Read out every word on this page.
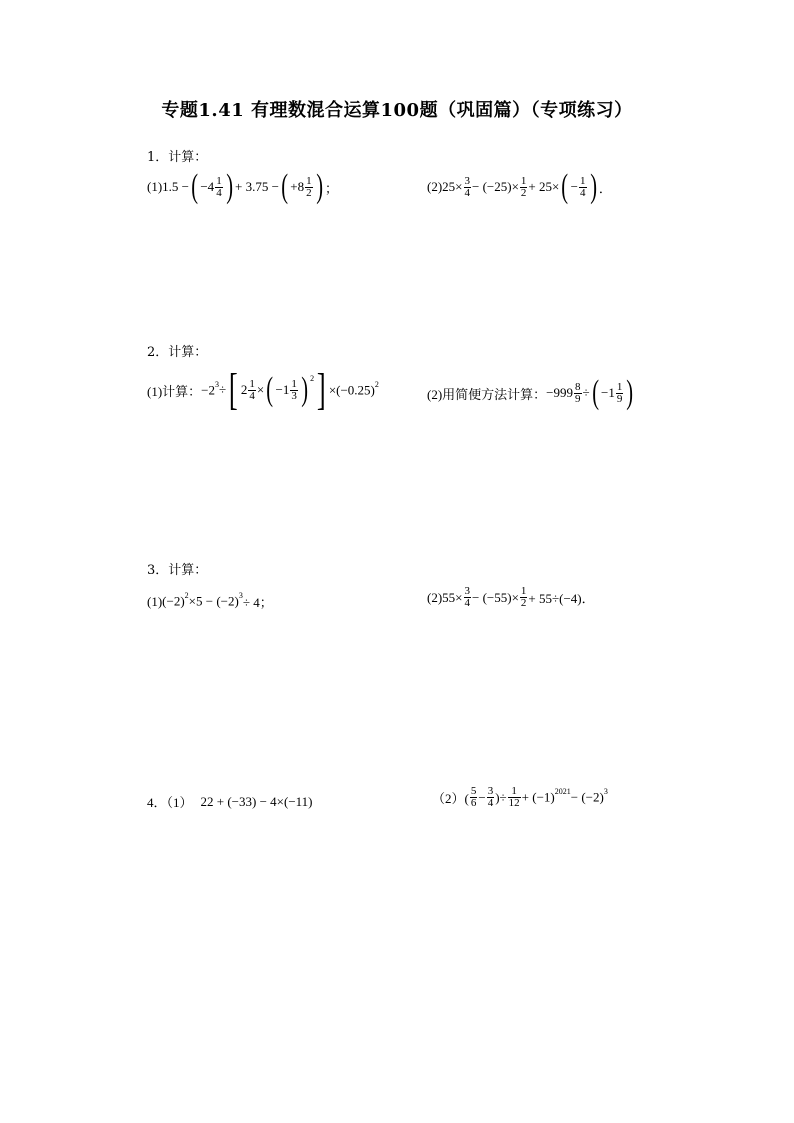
专题1.41 有理数混合运算100题（巩固篇）（专项练习）
1．计算：
(1) 1.5 − ( $-4 \frac{1}{4}$ ) + 3.75 − ( $+8 \frac{1}{2}$ ) ；	(2) $25\times \frac{3}{4} - (-25)\times \frac{1}{2} + 25\times$ ( − $\frac{1}{4}$ ) ．
2．计算：
(1)计算： $-2^3$ ÷ [ $2 \frac{1}{4}$ × ( $-1 \frac{1}{3}$ ) $^2$ ] $\times(-0.25)^2$
(2)用简便方法计算： $-999 \frac{8}{9}$ ÷ ( $-1 \frac{1}{9}$ )
3．计算：
(1) $(-2)^2 \times 5 - (-2)^3 \div 4$；	(2) $55\times \frac{3}{4} - (-55)\times \frac{1}{2} + 55\div(-4)$．
4．（1） 22 + (−33) − 4×(−11)	$(2)( \frac{5}{6} - \frac{3}{4}$ )÷ $\frac{1}{12} + (-1)^{2021} - (-2)^3$
